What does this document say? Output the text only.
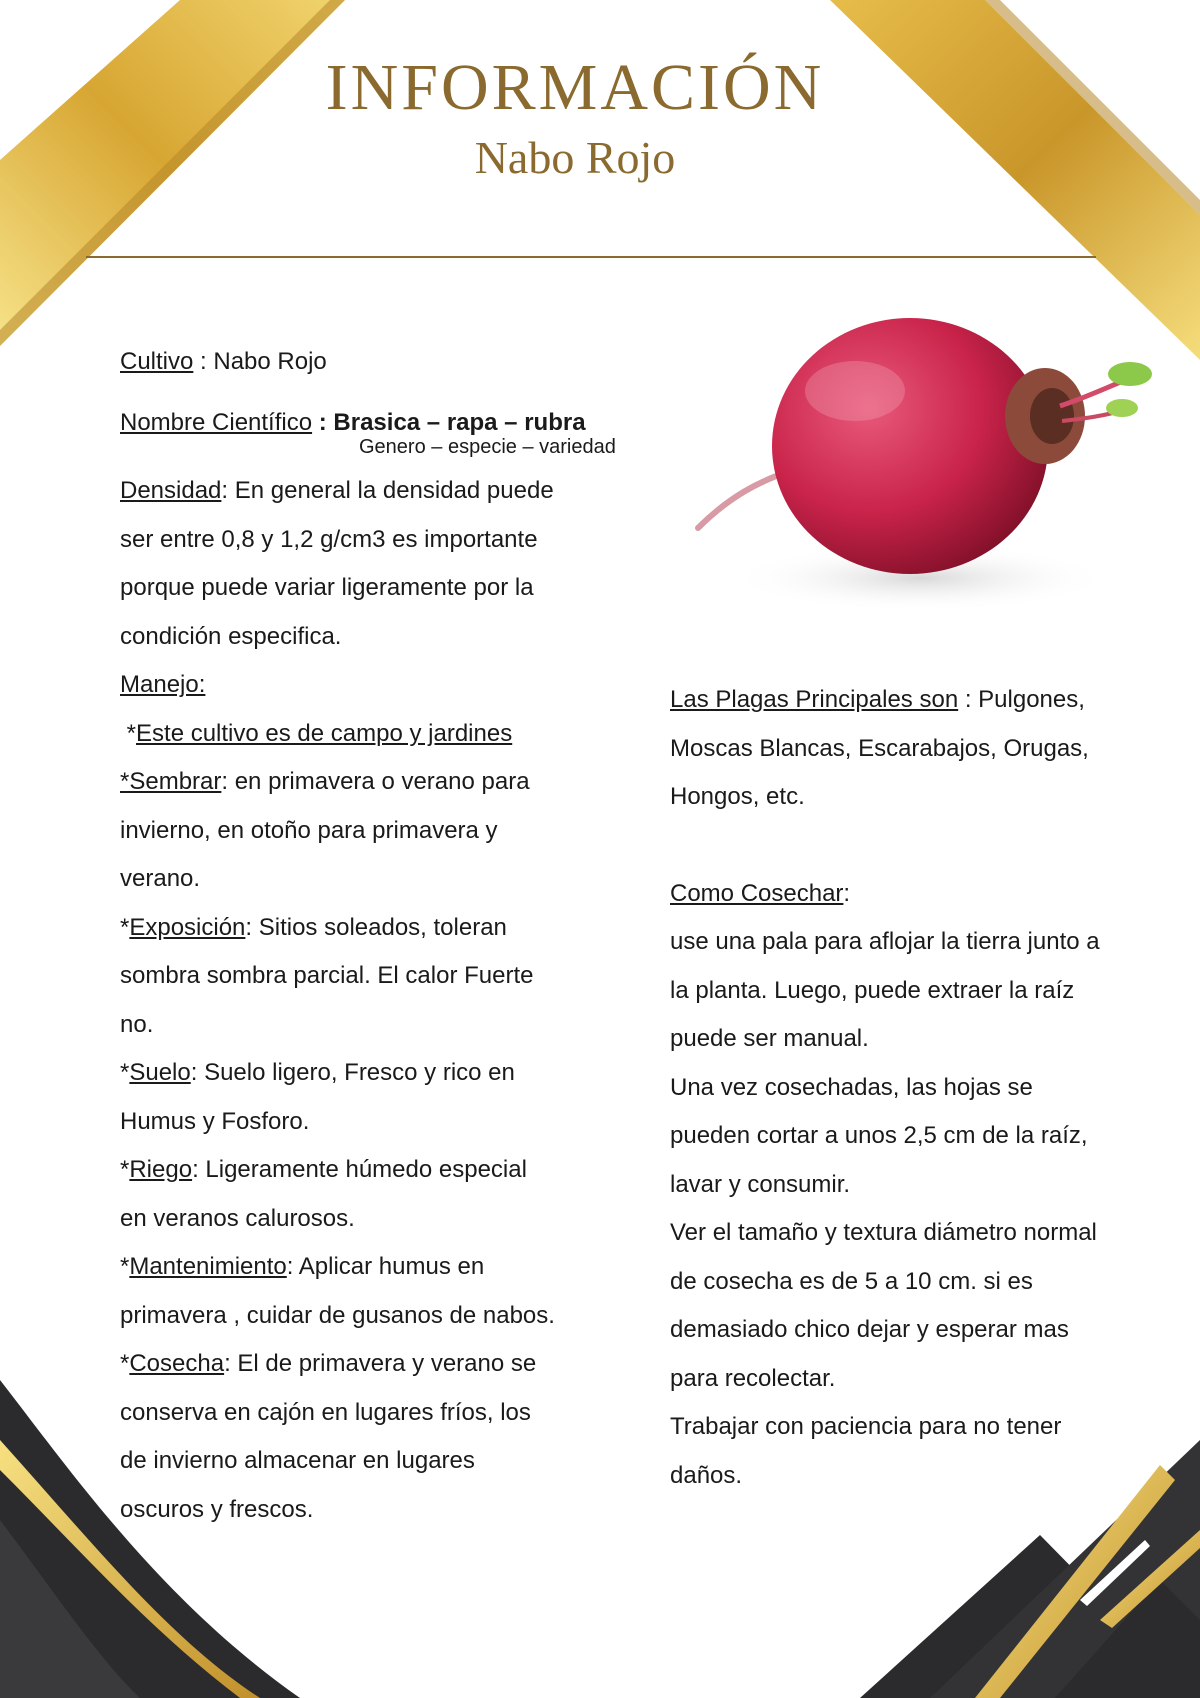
INFORMACIÓN
Nabo Rojo
Cultivo : Nabo Rojo
Nombre Científico : Brasica – rapa – rubra
Genero – especie – variedad
Densidad: En general la densidad puede
ser entre 0,8 y 1,2 g/cm3 es importante
porque puede variar ligeramente por la
condición especifica.
Manejo:
*Este cultivo es de campo y jardines
*Sembrar: en primavera o verano para
invierno, en otoño para primavera y
verano.
*Exposición: Sitios soleados, toleran
sombra sombra parcial. El calor Fuerte
no.
*Suelo: Suelo ligero, Fresco y rico en
Humus y Fosforo.
*Riego: Ligeramente húmedo especial
en veranos calurosos.
*Mantenimiento: Aplicar humus en
primavera , cuidar de gusanos de nabos.
*Cosecha: El de primavera y verano se
conserva en cajón en lugares fríos, los
de invierno almacenar en lugares
oscuros y frescos.
Las Plagas Principales son : Pulgones,
Moscas Blancas, Escarabajos, Orugas,
Hongos, etc.
Como Cosechar:
use una pala para aflojar la tierra junto a
la planta. Luego, puede extraer la raíz
puede ser manual.
Una vez cosechadas, las hojas se
pueden cortar a unos 2,5 cm de la raíz,
lavar y consumir.
Ver el tamaño y textura diámetro normal
de cosecha es de 5 a 10 cm. si es
demasiado chico dejar y esperar mas
para recolectar.
Trabajar con paciencia para no tener
daños.
